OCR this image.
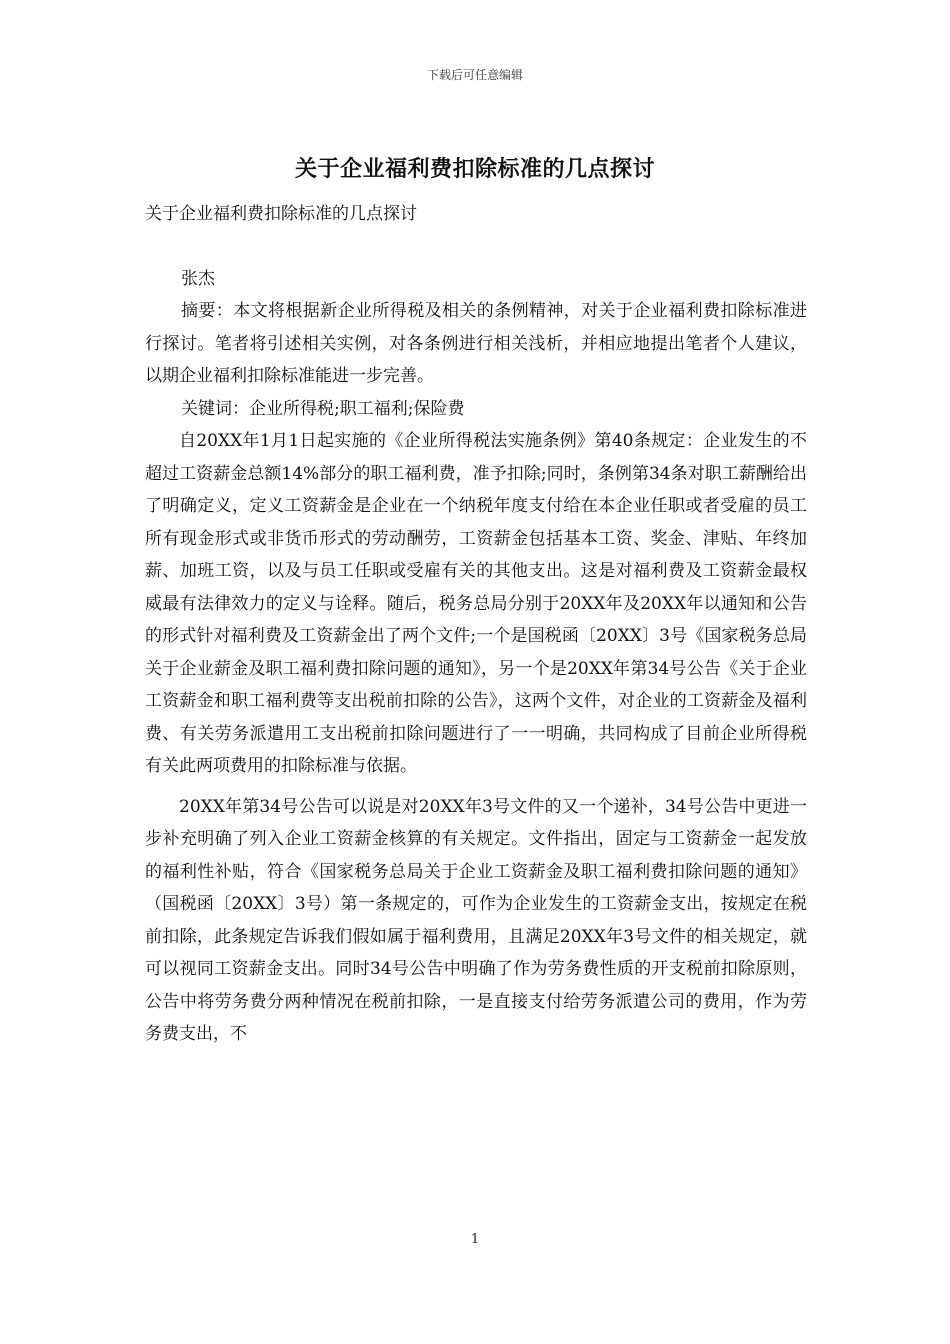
下载后可任意编辑
关于企业福利费扣除标准的几点探讨

关于企业福利费扣除标准的几点探讨

张杰

摘要：本文将根据新企业所得税及相关的条例精神，对关于企业福利费扣除标准进行探讨。笔者将引述相关实例，对各条例进行相关浅析，并相应地提出笔者个人建议，以期企业福利扣除标准能进一步完善。

关键词：企业所得税;职工福利;保险费

自20XX年1月1日起实施的《企业所得税法实施条例》第40条规定：企业发生的不超过工资薪金总额14%部分的职工福利费，准予扣除;同时，条例第34条对职工薪酬给出了明确定义，定义工资薪金是企业在一个纳税年度支付给在本企业任职或者受雇的员工所有现金形式或非货币形式的劳动酬劳，工资薪金包括基本工资、奖金、津贴、年终加薪、加班工资，以及与员工任职或受雇有关的其他支出。这是对福利费及工资薪金最权威最有法律效力的定义与诠释。随后，税务总局分别于20XX年及20XX年以通知和公告的形式针对福利费及工资薪金出了两个文件;一个是国税函〔20XX〕3号《国家税务总局关于企业薪金及职工福利费扣除问题的通知》，另一个是20XX年第34号公告《关于企业工资薪金和职工福利费等支出税前扣除的公告》，这两个文件，对企业的工资薪金及福利费、有关劳务派遣用工支出税前扣除问题进行了一一明确，共同构成了目前企业所得税有关此两项费用的扣除标准与依据。

20XX年第34号公告可以说是对20XX年3号文件的又一个递补，34号公告中更进一步补充明确了列入企业工资薪金核算的有关规定。文件指出，固定与工资薪金一起发放的福利性补贴，符合《国家税务总局关于企业工资薪金及职工福利费扣除问题的通知》（国税函〔20XX〕3号）第一条规定的，可作为企业发生的工资薪金支出，按规定在税前扣除，此条规定告诉我们假如属于福利费用，且满足20XX年3号文件的相关规定，就可以视同工资薪金支出。同时34号公告中明确了作为劳务费性质的开支税前扣除原则，公告中将劳务费分两种情况在税前扣除，一是直接支付给劳务派遣公司的费用，作为劳务费支出，不

1
